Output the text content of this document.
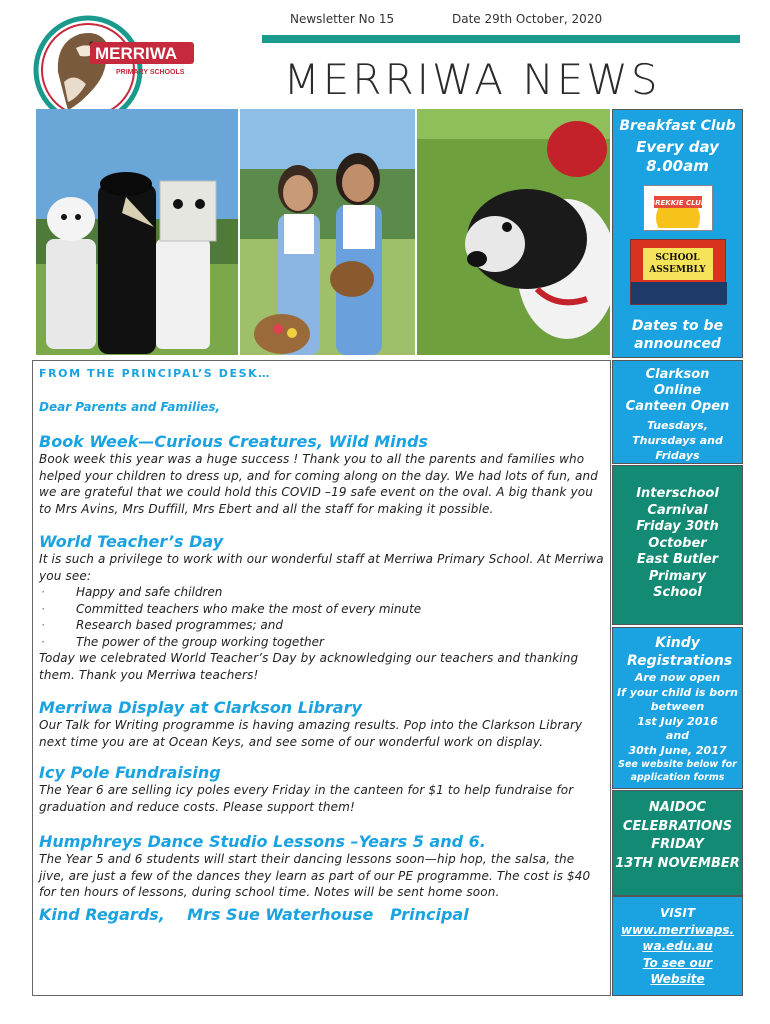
MERRIWA
PRIMARY SCHOOLS
Newsletter No 15	Date 29th October, 2020
MERRIWA NEWS
Breakfast Club
Every day
8.00am
BREKKIE CLUB
SCHOOL
ASSEMBLY
Dates to be announced
Clarkson Online Canteen Open
Tuesdays, Thursdays and Fridays
Interschool
Carnival
Friday 30th
October
East Butler
Primary
School
Kindy Registrations
Are now open
If your child is born
between
1st July 2016
and
30th June, 2017
See website below for
application forms
NAIDOC
CELEBRATIONS
FRIDAY
13TH NOVEMBER
VISIT
www.merriwaps.
wa.edu.au
To see our
Website
FROM THE PRINCIPAL’S DESK…
Dear Parents and Families,
Book Week—Curious Creatures, Wild Minds
Book week this year was a huge success ! Thank you to all the parents and families who helped your children to dress up, and for coming along on the day. We had lots of fun, and we are grateful that we could hold this COVID –19 safe event on the oval. A big thank you to Mrs Avins, Mrs Duffill, Mrs Ebert and all the staff for making it possible.
World Teacher’s Day
It is such a privilege to work with our wonderful staff at Merriwa Primary School. At Merriwa you see:
· Happy and safe children
· Committed teachers who make the most of every minute
· Research based programmes; and
· The power of the group working together
Today we celebrated World Teacher’s Day by acknowledging our teachers and thanking them. Thank you Merriwa teachers!
Merriwa Display at Clarkson Library
Our Talk for Writing programme is having amazing results. Pop into the Clarkson Library next time you are at Ocean Keys, and see some of our wonderful work on display.
Icy Pole Fundraising
The Year 6 are selling icy poles every Friday in the canteen for $1 to help fundraise for graduation and reduce costs. Please support them!
Humphreys Dance Studio Lessons –Years 5 and 6.
The Year 5 and 6 students will start their dancing lessons soon—hip hop, the salsa, the jive, are just a few of the dances they learn as part of our PE programme. The cost is $40 for ten hours of lessons, during school time. Notes will be sent home soon.
Kind Regards,    Mrs Sue Waterhouse   Principal
